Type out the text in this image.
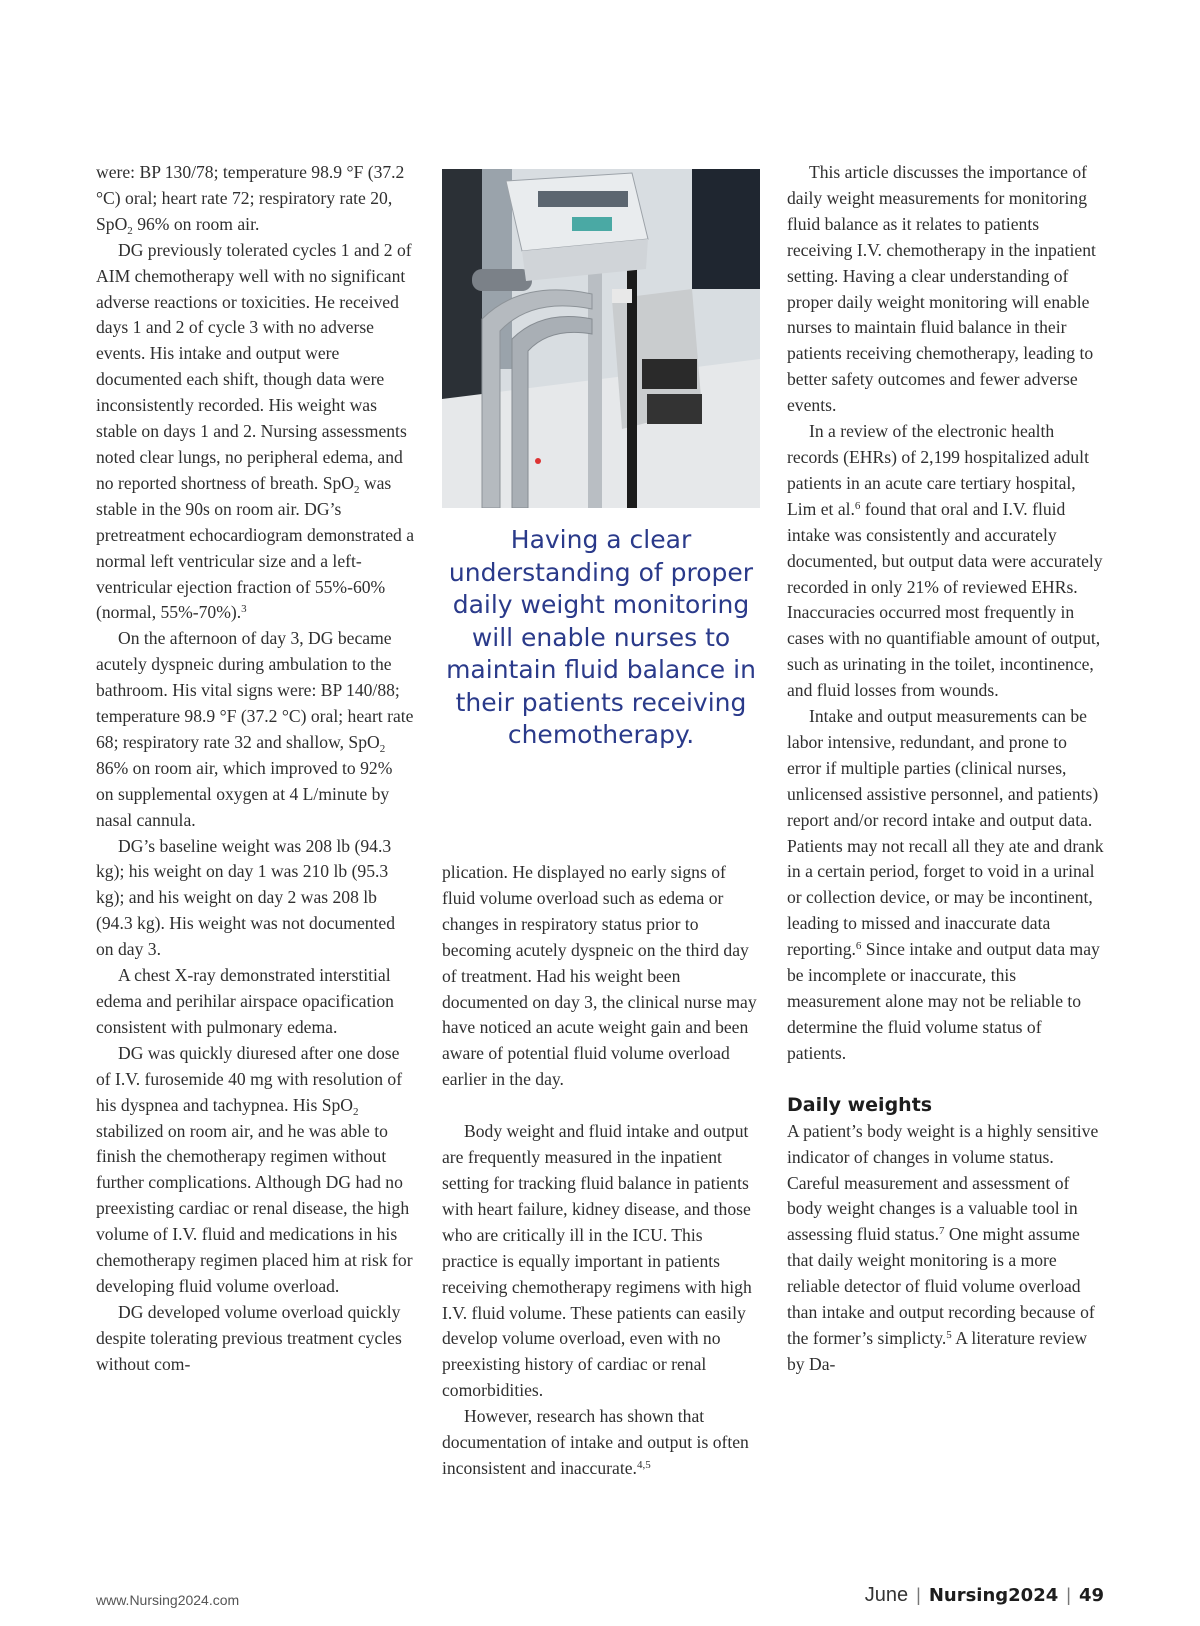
were: BP 130/78; temperature 98.9 °F (37.2 °C) oral; heart rate 72; respiratory rate 20, SpO$_2$ 96% on room air.

DG previously tolerated cycles 1 and 2 of AIM chemotherapy well with no significant adverse reactions or toxicities. He received days 1 and 2 of cycle 3 with no adverse events. His intake and output were documented each shift, though data were inconsistently recorded. His weight was stable on days 1 and 2. Nursing assessments noted clear lungs, no peripheral edema, and no reported shortness of breath. SpO$_2$ was stable in the 90s on room air. DG’s pretreatment echocardiogram demonstrated a normal left ventricular size and a left-ventricular ejection fraction of 55%-60% (normal, 55%-70%).$^3$

On the afternoon of day 3, DG became acutely dyspneic during ambulation to the bathroom. His vital signs were: BP 140/88; temperature 98.9 °F (37.2 °C) oral; heart rate 68; respiratory rate 32 and shallow, SpO$_2$ 86% on room air, which improved to 92% on supplemental oxygen at 4 L/minute by nasal cannula.

DG’s baseline weight was 208 lb (94.3 kg); his weight on day 1 was 210 lb (95.3 kg); and his weight on day 2 was 208 lb (94.3 kg). His weight was not documented on day 3.

A chest X-ray demonstrated interstitial edema and perihilar airspace opacification consistent with pulmonary edema.

DG was quickly diuresed after one dose of I.V. furosemide 40 mg with resolution of his dyspnea and tachypnea. His SpO$_2$ stabilized on room air, and he was able to finish the chemotherapy regimen without further complications. Although DG had no preexisting cardiac or renal disease, the high volume of I.V. fluid and medications in his chemotherapy regimen placed him at risk for developing fluid volume overload.

DG developed volume overload quickly despite tolerating previous treatment cycles without com-

Having a clear understanding of proper daily weight monitoring will enable nurses to maintain fluid balance in their patients receiving chemotherapy.

plication. He displayed no early signs of fluid volume overload such as edema or changes in respiratory status prior to becoming acutely dyspneic on the third day of treatment. Had his weight been documented on day 3, the clinical nurse may have noticed an acute weight gain and been aware of potential fluid volume overload earlier in the day.

Body weight and fluid intake and output are frequently measured in the inpatient setting for tracking fluid balance in patients with heart failure, kidney disease, and those who are critically ill in the ICU. This practice is equally important in patients receiving chemotherapy regimens with high I.V. fluid volume. These patients can easily develop volume overload, even with no preexisting history of cardiac or renal comorbidities.

However, research has shown that documentation of intake and output is often inconsistent and inaccurate.$^{4,5}$

This article discusses the importance of daily weight measurements for monitoring fluid balance as it relates to patients receiving I.V. chemotherapy in the inpatient setting. Having a clear understanding of proper daily weight monitoring will enable nurses to maintain fluid balance in their patients receiving chemotherapy, leading to better safety outcomes and fewer adverse events.

In a review of the electronic health records (EHRs) of 2,199 hospitalized adult patients in an acute care tertiary hospital, Lim et al.$^6$ found that oral and I.V. fluid intake was consistently and accurately documented, but output data were accurately recorded in only 21% of reviewed EHRs. Inaccuracies occurred most frequently in cases with no quantifiable amount of output, such as urinating in the toilet, incontinence, and fluid losses from wounds.

Intake and output measurements can be labor intensive, redundant, and prone to error if multiple parties (clinical nurses, unlicensed assistive personnel, and patients) report and/or record intake and output data. Patients may not recall all they ate and drank in a certain period, forget to void in a urinal or collection device, or may be incontinent, leading to missed and inaccurate data reporting.$^6$ Since intake and output data may be incomplete or inaccurate, this measurement alone may not be reliable to determine the fluid volume status of patients.

Daily weights

A patient’s body weight is a highly sensitive indicator of changes in volume status. Careful measurement and assessment of body weight changes is a valuable tool in assessing fluid status.$^7$ One might assume that daily weight monitoring is a more reliable detector of fluid volume overload than intake and output recording because of the former’s simplicty.$^5$ A literature review by Da-

www.Nursing2024.com	June | Nursing2024 | 49
